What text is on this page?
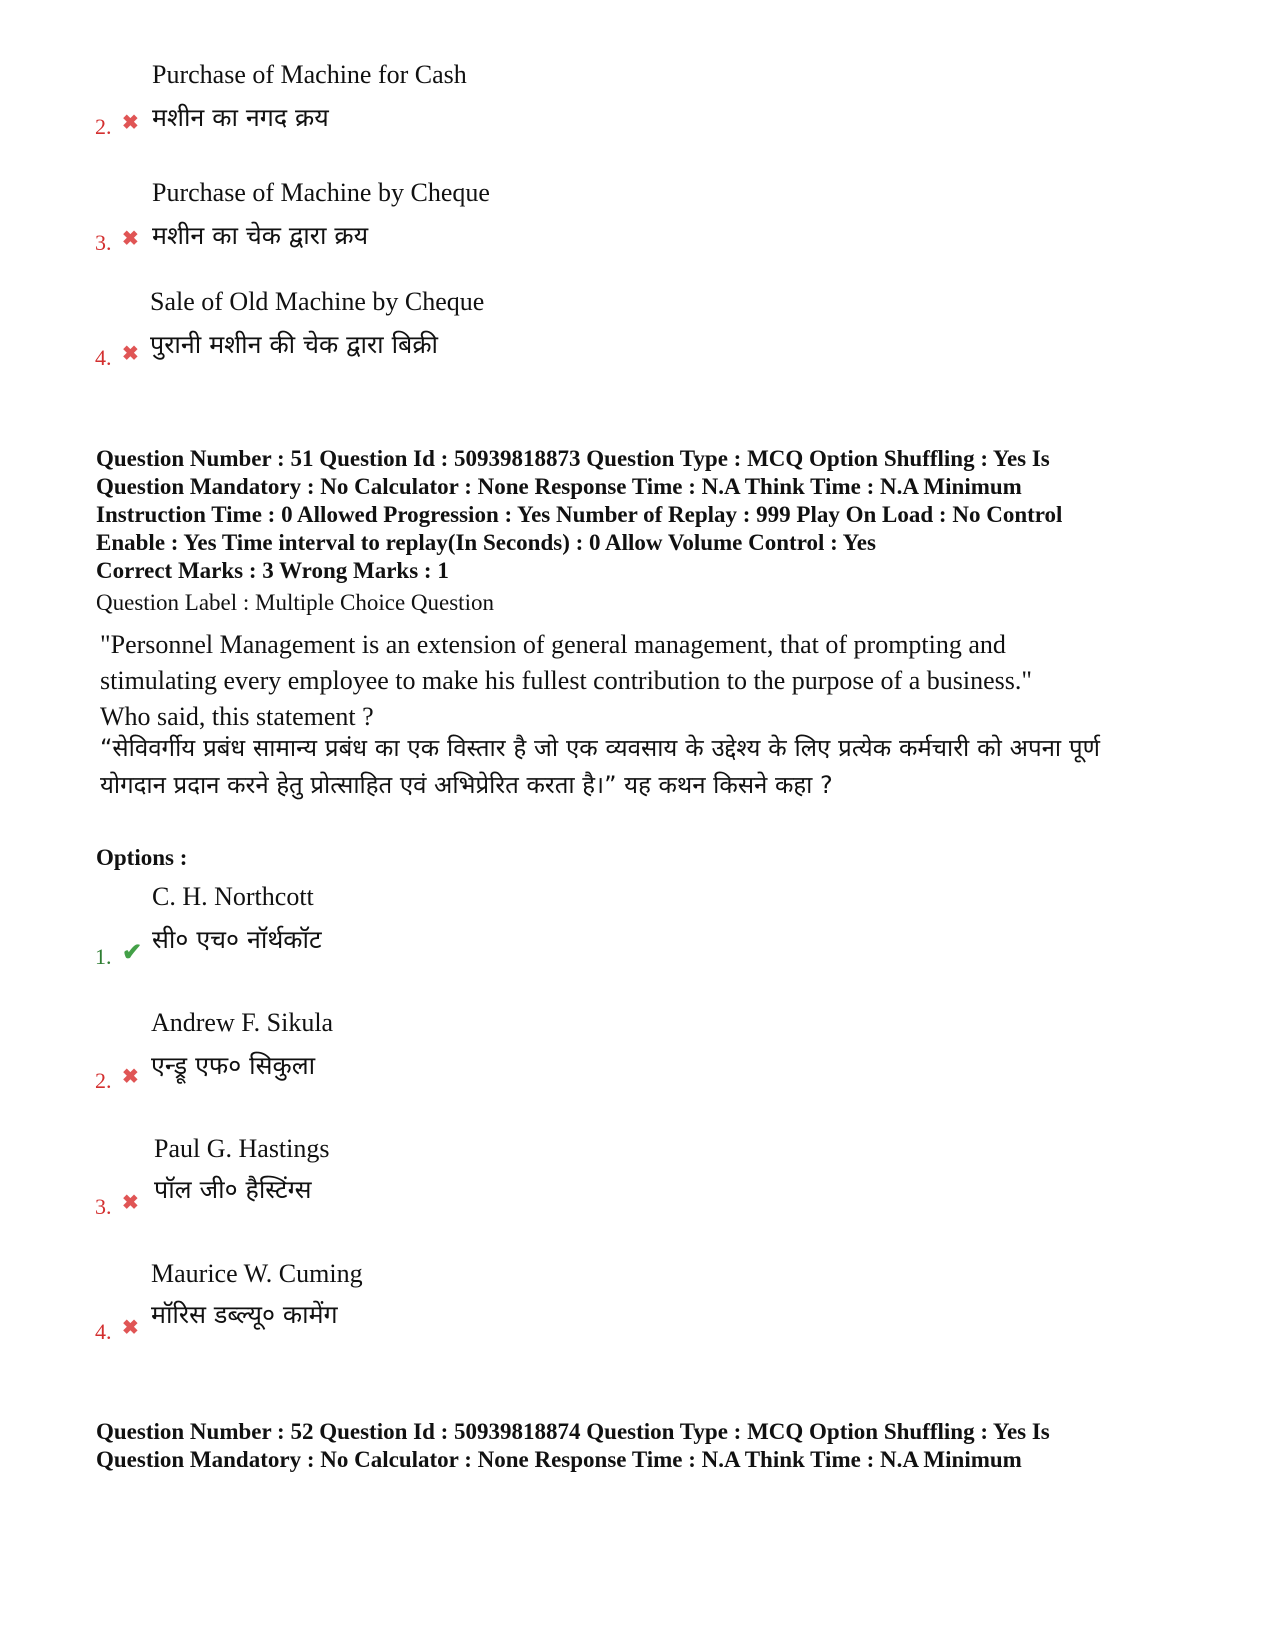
Purchase of Machine for Cash
मशीन का नगद क्रय
2. ✖
Purchase of Machine by Cheque
मशीन का चेक द्वारा क्रय
3. ✖
Sale of Old Machine by Cheque
पुरानी मशीन की चेक द्वारा बिक्री
4. ✖

Question Number : 51 Question Id : 50939818873 Question Type : MCQ Option Shuffling : Yes Is

Question Mandatory : No Calculator : None Response Time : N.A Think Time : N.A Minimum

Instruction Time : 0 Allowed Progression : Yes Number of Replay : 999 Play On Load : No Control

Enable : Yes Time interval to replay(In Seconds) : 0 Allow Volume Control : Yes

Correct Marks : 3 Wrong Marks : 1
Question Label : Multiple Choice Question

"Personnel Management is an extension of general management, that of prompting and

stimulating every employee to make his fullest contribution to the purpose of a business."

Who said, this statement ?

“सेविवर्गीय प्रबंध सामान्य प्रबंध का एक विस्तार है जो एक व्यवसाय के उद्देश्य के लिए प्रत्येक कर्मचारी को अपना पूर्ण योगदान प्रदान करने हेतु प्रोत्साहित एवं अभिप्रेरित करता है।” यह कथन किसने कहा ?
Options :
C. H. Northcott
सी० एच० नॉर्थकॉट
1. ✔
Andrew F. Sikula
एन्ड्रू एफ० सिकुला
2. ✖
Paul G. Hastings
पॉल जी० हैस्टिंग्स
3. ✖
Maurice W. Cuming
मॉरिस डब्ल्यू० कामेंग
4. ✖

Question Number : 52 Question Id : 50939818874 Question Type : MCQ Option Shuffling : Yes Is

Question Mandatory : No Calculator : None Response Time : N.A Think Time : N.A Minimum
